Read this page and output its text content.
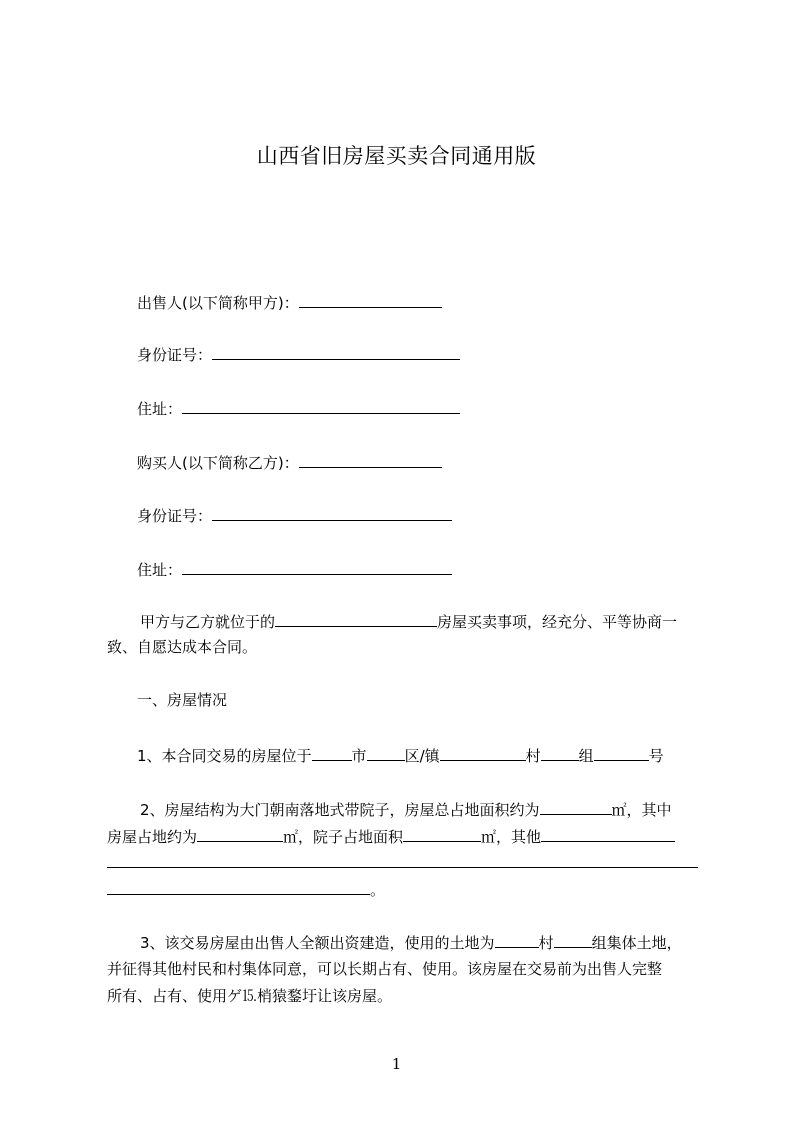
山西省旧房屋买卖合同通用版
出售人(以下简称甲方)：
身份证号：
住址：
购买人(以下简称乙方)：
身份证号：
住址：
甲方与乙方就位于的	房屋买卖事项，经充分、平等协商一
致、自愿达成本合同。
一、房屋情况
1、本合同交易的房屋位于	市	区/镇	村	组	号
2、房屋结构为大门朝南落地式带院子，房屋总占地面积约为	㎡，其中
房屋占地约为	㎡，院子占地面积	㎡，其他
。
3、该交易房屋由出售人全额出资建造，使用的土地为	村	组集体土地，
并征得其他村民和村集体同意，可以长期占有、使用。该房屋在交易前为出售人完整
所有、占有、使用ゲ⒖梢猿鍪圩让该房屋。
1
